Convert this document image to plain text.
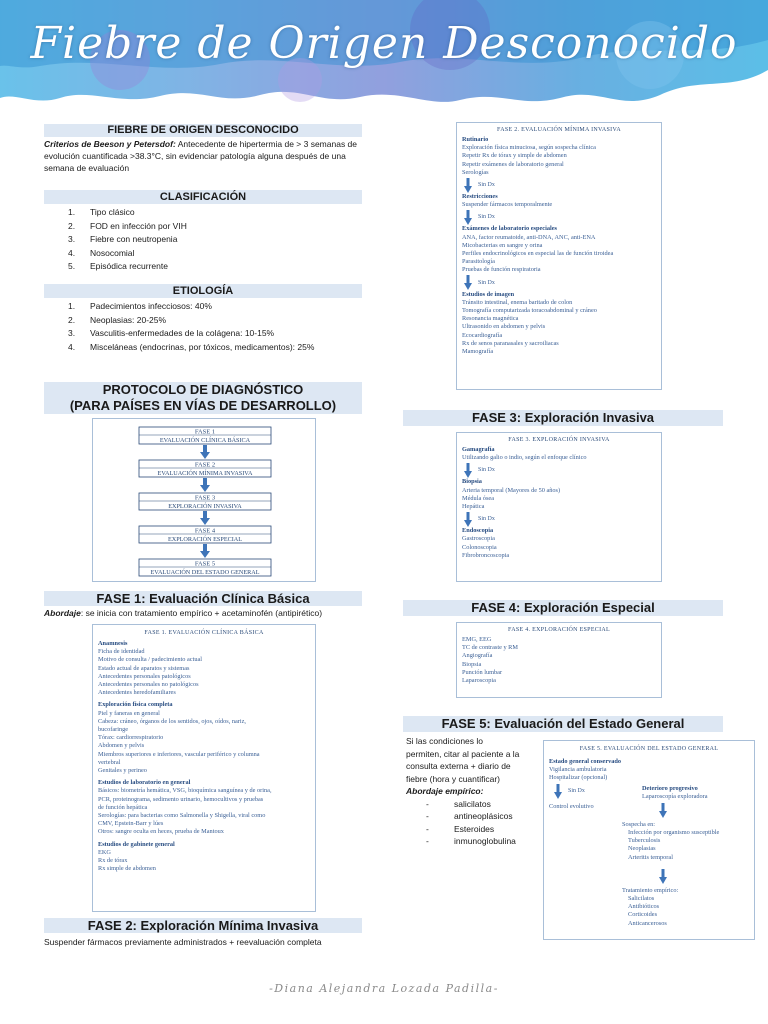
Fiebre de Origen Desconocido
FIEBRE DE ORIGEN DESCONOCIDO
Criterios de Beeson y Petersdof: Antecedente de hipertermia de > 3 semanas de evolución cuantificada >38.3°C, sin evidenciar patología alguna después de una semana de evaluación
CLASIFICACIÓN
1.	Tipo clásico
2.	FOD en infección por VIH
3.	Fiebre con neutropenia
4.	Nosocomial
5.	Episódica recurrente
ETIOLOGÍA
1.	Padecimientos infecciosos: 40%
2.	Neoplasias: 20-25%
3.	Vasculitis-enfermedades de la colágena: 10-15%
4.	Misceláneas (endocrinas, por tóxicos, medicamentos): 25%
PROTOCOLO DE DIAGNÓSTICO
(PARA PAÍSES EN VÍAS DE DESARROLLO)
FASE 1
EVALUACIÓN CLÍNICA BÁSICA
FASE 2
EVALUACIÓN MÍNIMA INVASIVA
FASE 3
EXPLORACIÓN INVASIVA
FASE 4
EXPLORACIÓN ESPECIAL
FASE 5
EVALUACIÓN DEL ESTADO GENERAL
FASE 1: Evaluación Clínica Básica
Abordaje: se inicia con tratamiento empírico + acetaminofén (antipirético)
FASE 1. EVALUACIÓN CLÍNICA BÁSICA
Anamnesis
Ficha de identidad
Motivo de consulta / padecimiento actual
Estado actual de aparatos y sistemas
Antecedentes personales patológicos
Antecedentes personales no patológicos
Antecedentes heredofamiliares
Exploración física completa
Piel y faneras en general
Cabeza: cráneo, órganos de los sentidos, ojos, oídos, nariz,
bucofaringe
Tórax: cardiorrespiratorio
Abdomen y pelvis
Miembros superiores e inferiores, vascular periférico y columna
vertebral
Genitales y perineo
Estudios de laboratorio en general
Básicos: biometría hemática, VSG, bioquímica sanguínea y de orina,
PCR, proteinograma, sedimento urinario, hemocultivos y pruebas
de función hepática
Serologías: para bacterias como Salmonella y Shigella, viral como
CMV, Epstein-Barr y lúes
Otros: sangre oculta en heces, prueba de Mantoux
Estudios de gabinete general
EKG
Rx de tórax
Rx simple de abdomen
FASE 2: Exploración Mínima Invasiva
Suspender fármacos previamente administrados + reevaluación completa
FASE 2. EVALUACIÓN MÍNIMA INVASIVA
Rutinario
Exploración física minuciosa, según sospecha clínica
Repetir Rx de tórax y simple de abdomen
Repetir exámenes de laboratorio general
Serologías
Sin Dx
Restricciones
Suspender fármacos temporalmente
Sin Dx
Exámenes de laboratorio especiales
ANA, factor reumatoide, anti-DNA, ANC, anti-ENA
Micobacterias en sangre y orina
Perfiles endocrinológicos en especial las de función tiroidea
Parasitología
Pruebas de función respiratoria
Sin Dx
Estudios de imagen
Tránsito intestinal, enema baritado de colon
Tomografía computarizada toracoabdominal y cráneo
Resonancia magnética
Ultrasonido en abdomen y pelvis
Ecocardiografía
Rx de senos paranasales y sacroiliacas
Mamografía
FASE 3: Exploración Invasiva
FASE 3. EXPLORACIÓN INVASIVA
Gamagrafía
Utilizando galio o indio, según el enfoque clínico
Sin Dx
Biopsia
Arteria temporal (Mayores de 50 años)
Médula ósea
Hepática
Sin Dx
Endoscopia
Gastroscopia
Colonoscopia
Fibrobroncoscopia
FASE 4: Exploración Especial
FASE 4. EXPLORACIÓN ESPECIAL
EMG, EEG
TC de contraste y RM
Angiografía
Biopsia
Punción lumbar
Laparoscopia
FASE 5: Evaluación del Estado General
Si las condiciones lo
permiten, citar al paciente a la
consulta externa + diario de
fiebre (hora y cuantificar)
Abordaje empírico:
-	salicilatos
-	antineoplásicos
-	Esteroides
-	inmunoglobulina
FASE 5. EVALUACIÓN DEL ESTADO GENERAL
Estado general conservado
Vigilancia ambulatoria
Hospitalizar (opcional)
Sin Dx
Control evolutivo
Deterioro progresivo
Laparoscopía exploradora
Sospecha en:
Infección por organismo susceptible
Tuberculosis
Neoplasias
Arteritis temporal
Tratamiento empírico:
Salicilatos
Antibióticos
Corticoides
Anticancerosos
-Diana Alejandra Lozada Padilla-
